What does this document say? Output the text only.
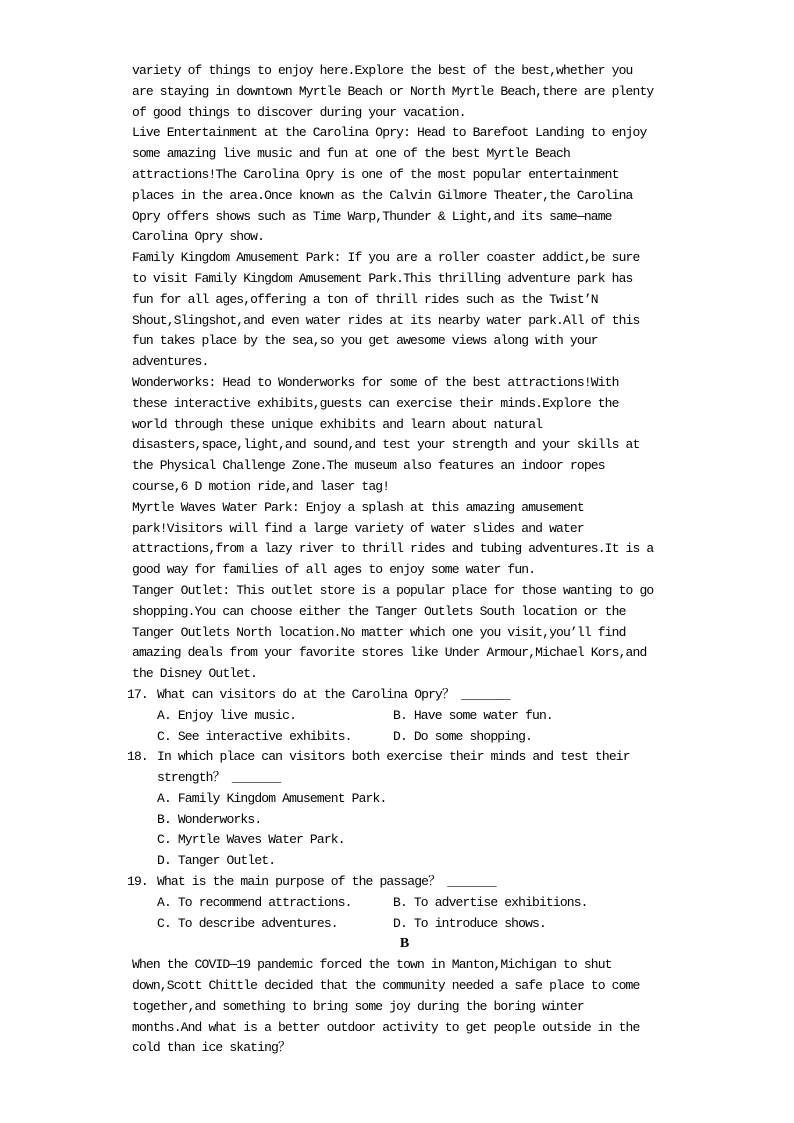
variety of things to enjoy here.Explore the best of the best,whether you
are staying in downtown Myrtle Beach or North Myrtle Beach,there are plenty
of good things to discover during your vacation.
Live Entertainment at the Carolina Opry: Head to Barefoot Landing to enjoy
some amazing live music and fun at one of the best Myrtle Beach
attractions!The Carolina Opry is one of the most popular entertainment
places in the area.Once known as the Calvin Gilmore Theater,the Carolina
Opry offers shows such as Time Warp,Thunder & Light,and its same—name
Carolina Opry show.
Family Kingdom Amusement Park: If you are a roller coaster addict,be sure
to visit Family Kingdom Amusement Park.This thrilling adventure park has
fun for all ages,offering a ton of thrill rides such as the Twist’N
Shout,Slingshot,and even water rides at its nearby water park.All of this
fun takes place by the sea,so you get awesome views along with your
adventures.
Wonderworks: Head to Wonderworks for some of the best attractions!With
these interactive exhibits,guests can exercise their minds.Explore the
world through these unique exhibits and learn about natural
disasters,space,light,and sound,and test your strength and your skills at
the Physical Challenge Zone.The museum also features an indoor ropes
course,6 D motion ride,and laser tag!
Myrtle Waves Water Park: Enjoy a splash at this amazing amusement
park!Visitors will find a large variety of water slides and water
attractions,from a lazy river to thrill rides and tubing adventures.It is a
good way for families of all ages to enjoy some water fun.
Tanger Outlet: This outlet store is a popular place for those wanting to go
shopping.You can choose either the Tanger Outlets South location or the
Tanger Outlets North location.No matter which one you visit,you’ll find
amazing deals from your favorite stores like Under Armour,Michael Kors,and
the Disney Outlet.
17. What can visitors do at the Carolina Opry？ _______
A. Enjoy live music.	B. Have some water fun.
C. See interactive exhibits.	D. Do some shopping.
18. In which place can visitors both exercise their minds and test their
strength？ _______
A. Family Kingdom Amusement Park.
B. Wonderworks.
C. Myrtle Waves Water Park.
D. Tanger Outlet.
19. What is the main purpose of the passage？ _______
A. To recommend attractions.	B. To advertise exhibitions.
C. To describe adventures.	D. To introduce shows.
B
When the COVID—19 pandemic forced the town in Manton,Michigan to shut
down,Scott Chittle decided that the community needed a safe place to come
together,and something to bring some joy during the boring winter
months.And what is a better outdoor activity to get people outside in the
cold than ice skating？
